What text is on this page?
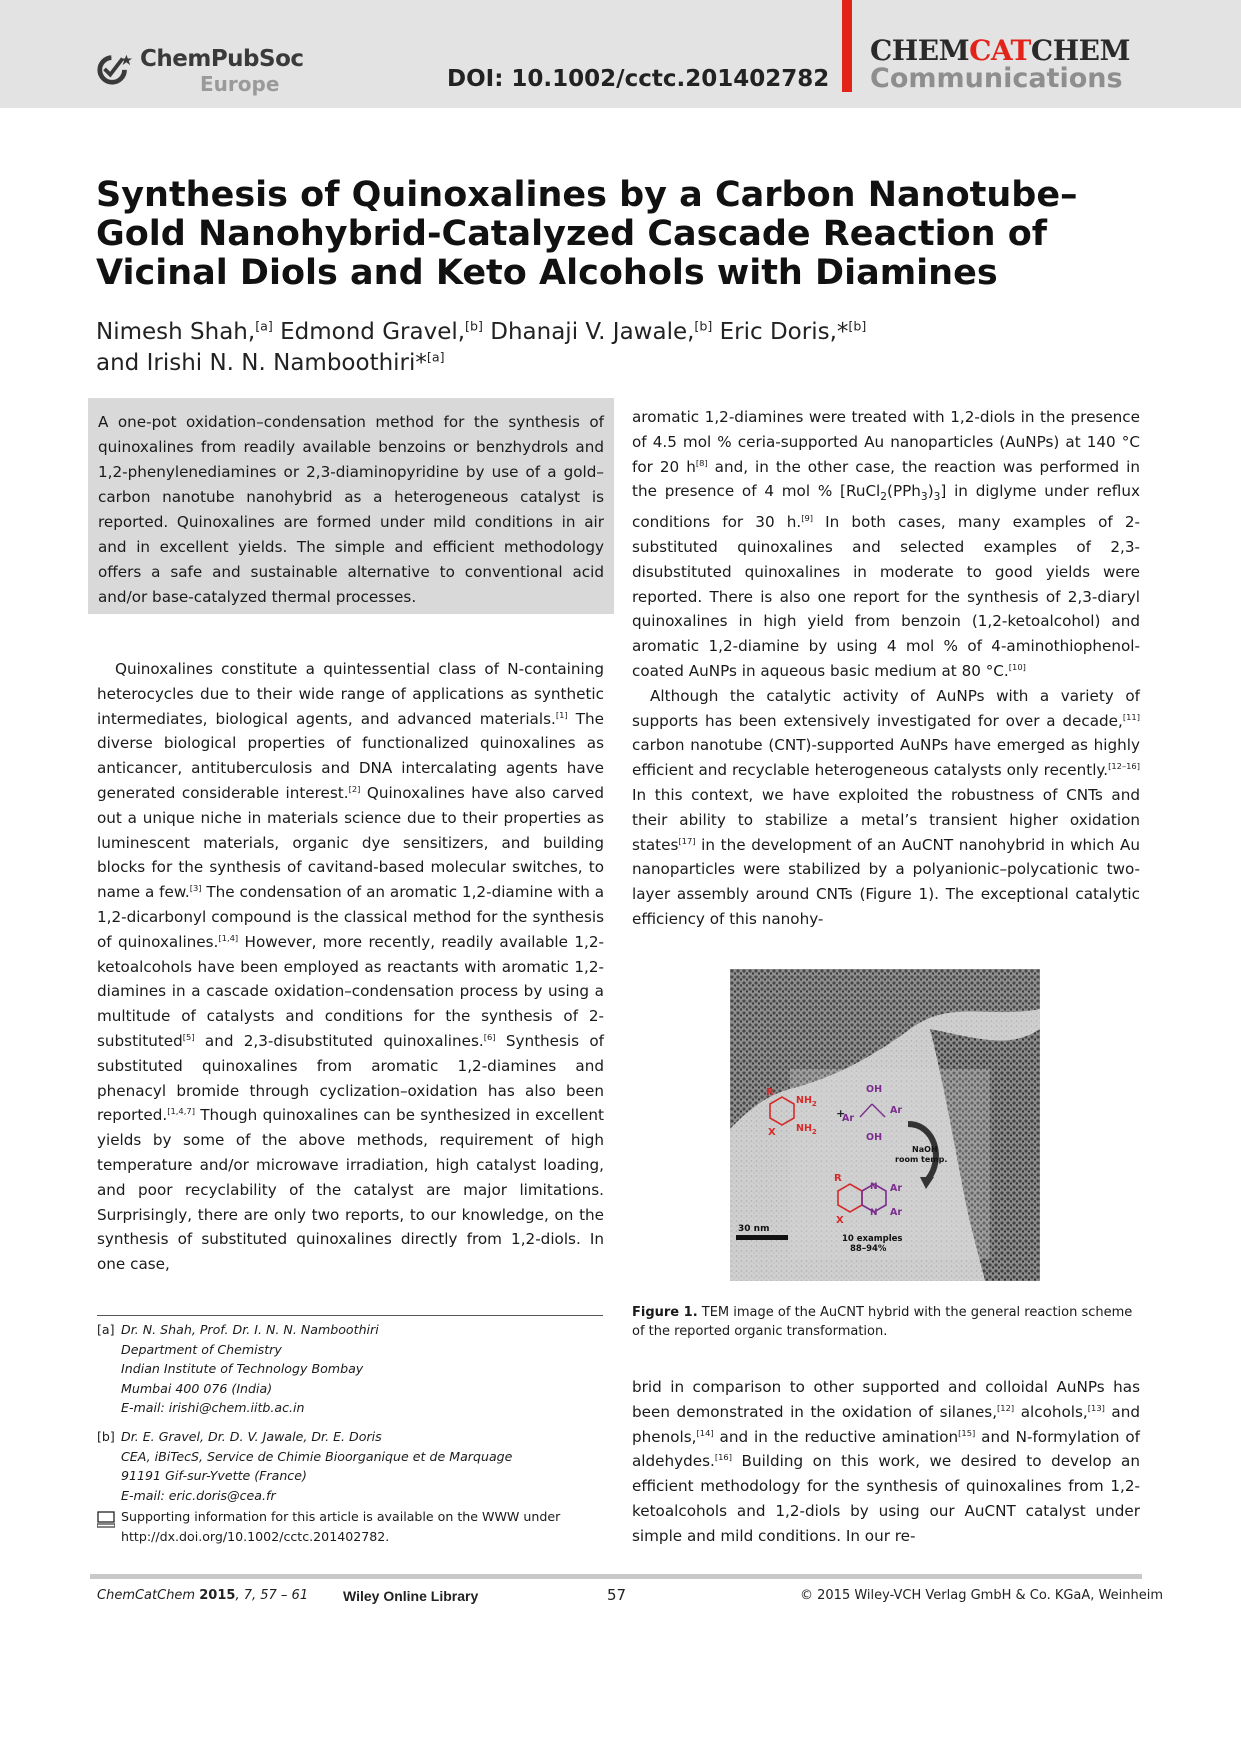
ChemPubSoc
Europe	DOI: 10.1002/cctc.201402782
CHEMCATCHEM
Communications
Synthesis of Quinoxalines by a Carbon Nanotube–Gold Nanohybrid-Catalyzed Cascade Reaction of Vicinal Diols and Keto Alcohols with Diamines
Nimesh Shah,[a] Edmond Gravel,[b] Dhanaji V. Jawale,[b] Eric Doris,*[b]
and Irishi N. N. Namboothiri*[a]

A one-pot oxidation–condensation method for the synthesis of quinoxalines from readily available benzoins or benzhydrols and 1,2-phenylenediamines or 2,3-diaminopyridine by use of a gold–carbon nanotube nanohybrid as a heterogeneous catalyst is reported. Quinoxalines are formed under mild conditions in air and in excellent yields. The simple and efficient methodology offers a safe and sustainable alternative to conventional acid and/or base-catalyzed thermal processes.

Quinoxalines constitute a quintessential class of N-containing heterocycles due to their wide range of applications as synthetic intermediates, biological agents, and advanced materials.[1] The diverse biological properties of functionalized quinoxalines as anticancer, antituberculosis and DNA intercalating agents have generated considerable interest.[2] Quinoxalines have also carved out a unique niche in materials science due to their properties as luminescent materials, organic dye sensitizers, and building blocks for the synthesis of cavitand-based molecular switches, to name a few.[3] The condensation of an aromatic 1,2-diamine with a 1,2-dicarbonyl compound is the classical method for the synthesis of quinoxalines.[1,4] However, more recently, readily available 1,2-ketoalcohols have been employed as reactants with aromatic 1,2-diamines in a cascade oxidation–condensation process by using a multitude of catalysts and conditions for the synthesis of 2-substituted[5] and 2,3-disubstituted quinoxalines.[6] Synthesis of substituted quinoxalines from aromatic 1,2-diamines and phenacyl bromide through cyclization–oxidation has also been reported.[1,4,7] Though quinoxalines can be synthesized in excellent yields by some of the above methods, requirement of high temperature and/or microwave irradiation, high catalyst loading, and poor recyclability of the catalyst are major limitations. Surprisingly, there are only two reports, to our knowledge, on the synthesis of substituted quinoxalines directly from 1,2-diols. In one case,

aromatic 1,2-diamines were treated with 1,2-diols in the presence of 4.5 mol % ceria-supported Au nanoparticles (AuNPs) at 140 °C for 20 h[8] and, in the other case, the reaction was performed in the presence of 4 mol % $[RuCl_2(PPh_3)_3]$ in diglyme under reflux conditions for 30 h.[9] In both cases, many examples of 2-substituted quinoxalines and selected examples of 2,3-disubstituted quinoxalines in moderate to good yields were reported. There is also one report for the synthesis of 2,3-diaryl quinoxalines in high yield from benzoin (1,2-ketoalcohol) and aromatic 1,2-diamine by using 4 mol % of 4-aminothiophenol-coated AuNPs in aqueous basic medium at 80 °C.[10]

Although the catalytic activity of AuNPs with a variety of supports has been extensively investigated for over a decade,[11] carbon nanotube (CNT)-supported AuNPs have emerged as highly efficient and recyclable heterogeneous catalysts only recently.[12–16] In this context, we have exploited the robustness of CNTs and their ability to stabilize a metal’s transient higher oxidation states[17] in the development of an AuCNT nanohybrid in which Au nanoparticles were stabilized by a polyanionic–polycationic two-layer assembly around CNTs (Figure 1). The exceptional catalytic efficiency of this nanohy-

R
X
$NH_2$
$NH_2$
+
Ar
OH
OH
Ar
NaOH
room temp.
R
X
N
N
Ar
Ar
10 examples
88–94%
30 nm
Figure 1. TEM image of the AuCNT hybrid with the general reaction scheme of the reported organic transformation.

brid in comparison to other supported and colloidal AuNPs has been demonstrated in the oxidation of silanes,[12] alcohols,[13] and phenols,[14] and in the reductive amination[15] and N-formylation of aldehydes.[16] Building on this work, we desired to develop an efficient methodology for the synthesis of quinoxalines from 1,2-ketoalcohols and 1,2-diols by using our AuCNT catalyst under simple and mild conditions. In our re-

[a] Dr. N. Shah, Prof. Dr. I. N. N. Namboothiri
Department of Chemistry
Indian Institute of Technology Bombay
Mumbai 400 076 (India)
E-mail: irishi@chem.iitb.ac.in
[b] Dr. E. Gravel, Dr. D. V. Jawale, Dr. E. Doris
CEA, iBiTecS, Service de Chimie Bioorganique et de Marquage
91191 Gif-sur-Yvette (France)
E-mail: eric.doris@cea.fr
Supporting information for this article is available on the WWW under
http://dx.doi.org/10.1002/cctc.201402782.
ChemCatChem 2015, 7, 57 – 61 Wiley Online Library	57	© 2015 Wiley-VCH Verlag GmbH & Co. KGaA, Weinheim
